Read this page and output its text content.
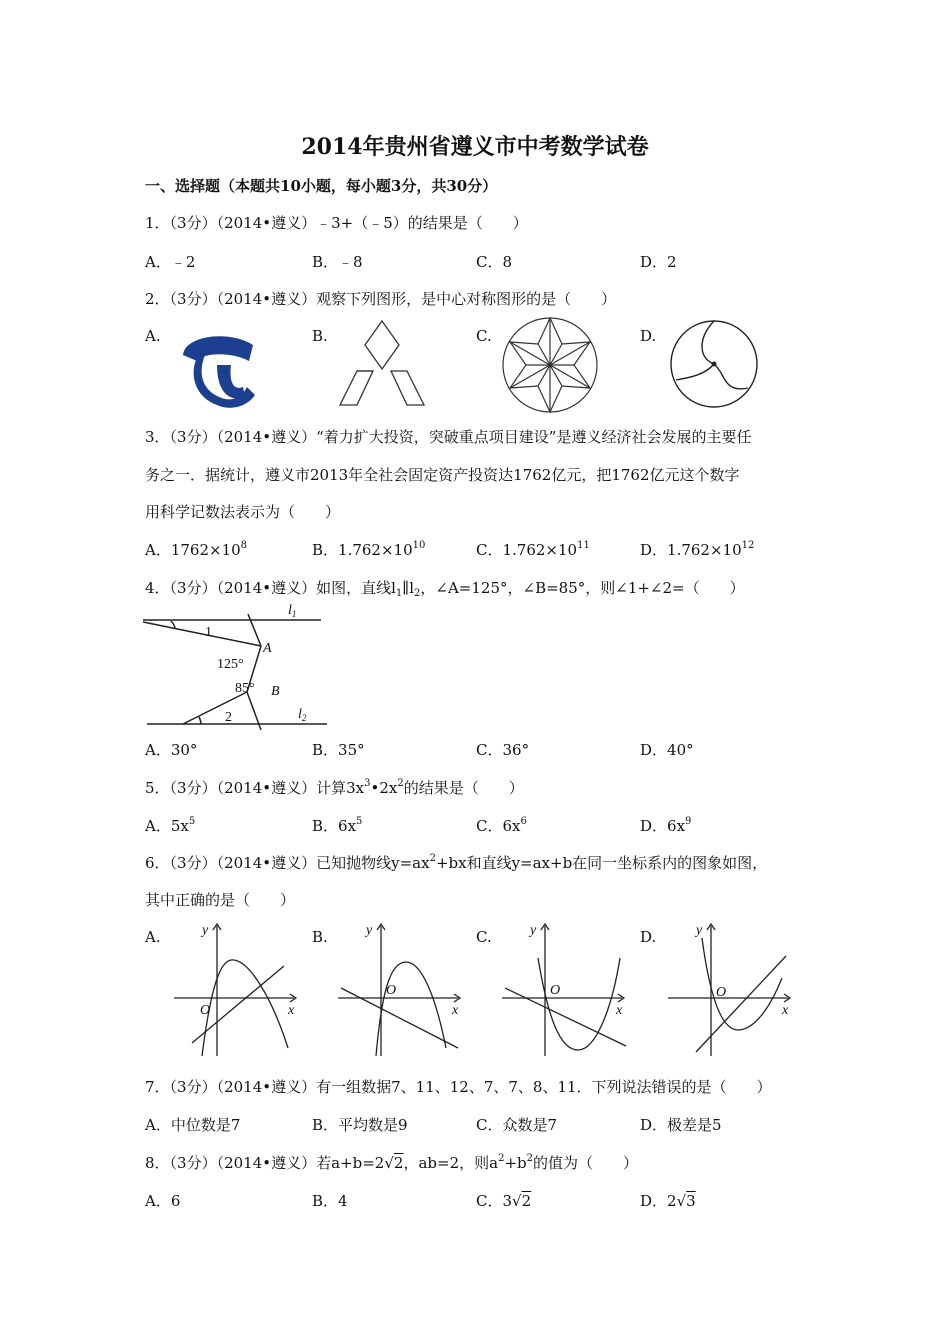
2014年贵州省遵义市中考数学试卷
一、选择题（本题共10小题，每小题3分，共30分）
1．（3分）（2014•遵义）﹣3+（﹣5）的结果是（　　）
A．﹣2	B．﹣8	C．8	D．2
2．（3分）（2014•遵义）观察下列图形，是中心对称图形的是（　　）
A.	B.	C.	D.
3．（3分）（2014•遵义）“着力扩大投资，突破重点项目建设”是遵义经济社会发展的主要任
务之一．据统计，遵义市2013年全社会固定资产投资达1762亿元，把1762亿元这个数字
用科学记数法表示为（　　）
A．$1762\times 10^8$	B．$1.762\times 10^{10}$	C．$1.762\times 10^{11}$	D．$1.762\times 10^{12}$
4．（3分）（2014•遵义）如图，直线$l_1\parallel l_2$，∠A=125°，∠B=85°，则∠1+∠2=（　　）
1
2
A
B
125°
85°
$l_1$
$l_2$
A．30°	B．35°	C．36°	D．40°
5．（3分）（2014•遵义）计算$3x^3•2x^2$的结果是（　　）
A．$5x^5$	B．$6x^5$	C．$6x^6$	D．$6x^9$
6．（3分）（2014•遵义）已知抛物线$y=ax^2+bx$和直线y=ax+b在同一坐标系内的图象如图，
其中正确的是（　　）
A.	B.	C.	D.
y
x
O
y
x
O
y
x
O
y
x
O
7．（3分）（2014•遵义）有一组数据7、11、12、7、7、8、11．下列说法错误的是（　　）
A．中位数是7	B．平均数是9	C．众数是7	D．极差是5
8．（3分）（2014•遵义）若a+b=2√2，ab=2，则$a^2+b^2$的值为（　　）
A．6	B．4	C．3√2	D．2√3
